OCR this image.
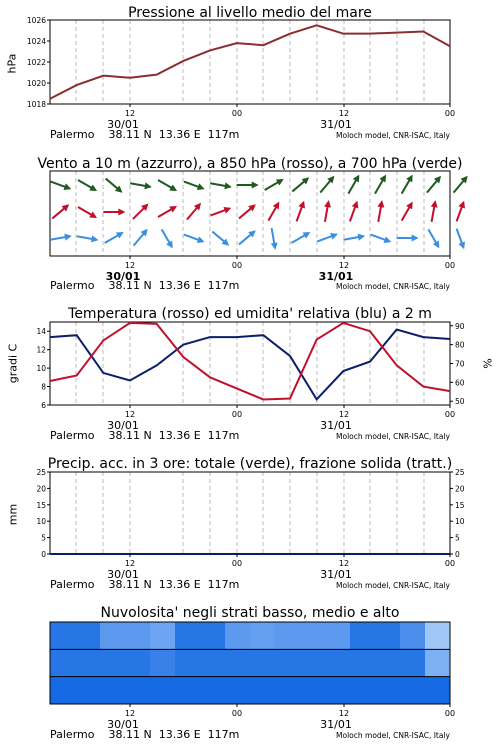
Pressione al livello medio del mare
hPa
1018
1020
1022
1024
1026
12	00	12	00
30/01	31/01
Palermo 38.11 N 13.36 E 117m	Moloch model, CNR-ISAC, Italy
Vento a 10 m (azzurro), a 850 hPa (rosso), a 700 hPa (verde)
12	00	12	00
30/01	31/01
Palermo 38.11 N 13.36 E 117m	Moloch model, CNR-ISAC, Italy
Temperatura (rosso) ed umidita' relativa (blu) a 2 m
gradi C	%
6
8
10
12
14
50
60
70
80
90
12	00	12	00
30/01	31/01
Palermo 38.11 N 13.36 E 117m	Moloch model, CNR-ISAC, Italy
Precip. acc. in 3 ore: totale (verde), frazione solida (tratt.)
mm
0
5
10
15
20
25
0
5
10
15
20
25
12	00	12	00
30/01	31/01
Palermo 38.11 N 13.36 E 117m	Moloch model, CNR-ISAC, Italy
Nuvolosita' negli strati basso, medio e alto
12	00	12	00
30/01	31/01
Palermo 38.11 N 13.36 E 117m	Moloch model, CNR-ISAC, Italy
